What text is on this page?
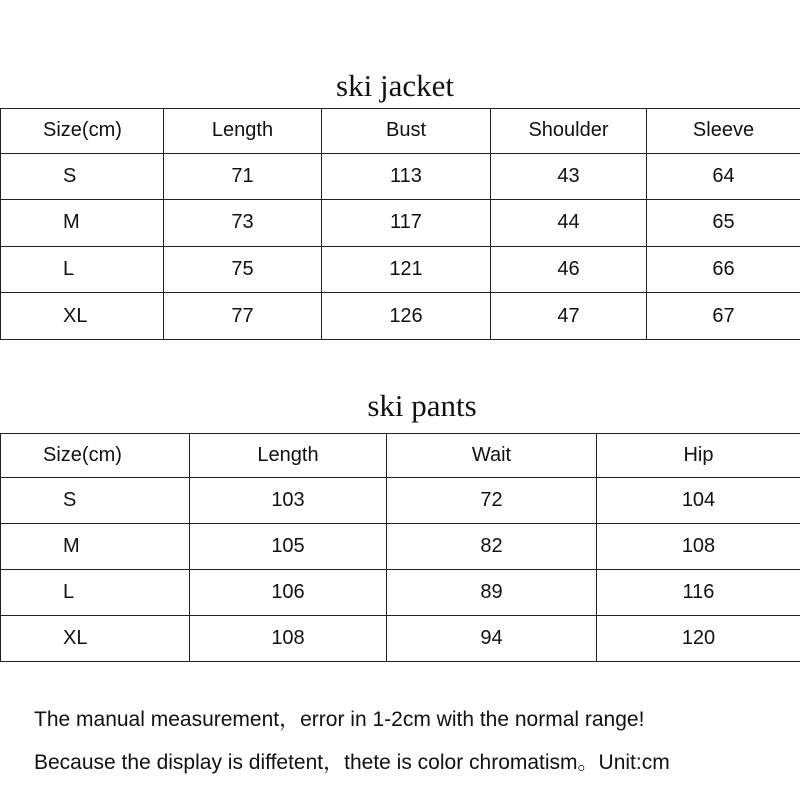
ski jacket
Size(cm)	Length	Bust	Shoulder	Sleeve
S	71	113	43	64
M	73	117	44	65
L	75	121	46	66
XL	77	126	47	67
ski pants
Size(cm)	Length	Wait	Hip
S	103	72	104
M	105	82	108
L	106	89	116
XL	108	94	120
The manual measurement，error in 1-2cm with the normal range!
Because the display is diffetent，thete is color chromatism。Unit:cm
